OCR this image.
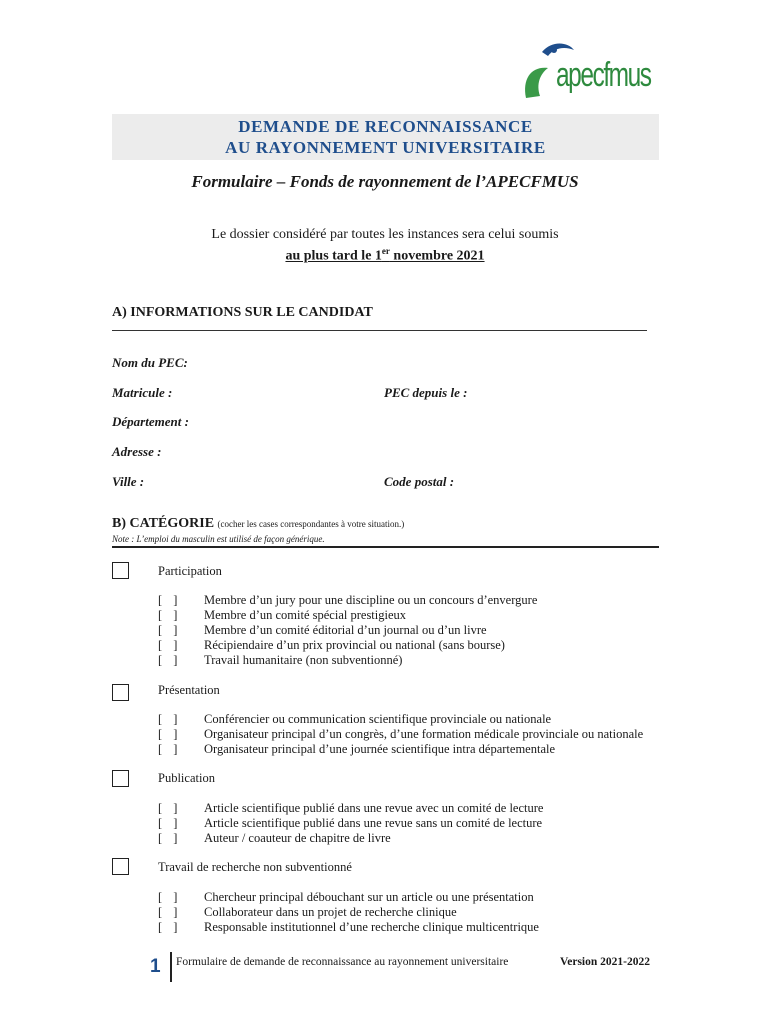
apecfmus
DEMANDE DE RECONNAISSANCE
AU RAYONNEMENT UNIVERSITAIRE
Formulaire – Fonds de rayonnement de l’APECFMUS
Le dossier considéré par toutes les instances sera celui soumis
au plus tard le 1er novembre 2021
A) INFORMATIONS SUR LE CANDIDAT
Nom du PEC:
Matricule :	PEC depuis le :
Département :
Adresse :
Ville :	Code postal :
B) CATÉGORIE (cocher les cases correspondantes à votre situation.)
Note : L’emploi du masculin est utilisé de façon générique.
Participation
[ ] Membre d’un jury pour une discipline ou un concours d’envergure
[ ] Membre d’un comité spécial prestigieux
[ ] Membre d’un comité éditorial d’un journal ou d’un livre
[ ] Récipiendaire d’un prix provincial ou national (sans bourse)
[ ] Travail humanitaire (non subventionné)
Présentation
[ ] Conférencier ou communication scientifique provinciale ou nationale
[ ] Organisateur principal d’un congrès, d’une formation médicale provinciale ou nationale
[ ] Organisateur principal d’une journée scientifique intra départementale
Publication
[ ] Article scientifique publié dans une revue avec un comité de lecture
[ ] Article scientifique publié dans une revue sans un comité de lecture
[ ] Auteur / coauteur de chapitre de livre
Travail de recherche non subventionné
[ ] Chercheur principal débouchant sur un article ou une présentation
[ ] Collaborateur dans un projet de recherche clinique
[ ] Responsable institutionnel d’une recherche clinique multicentrique
1 Formulaire de demande de reconnaissance au rayonnement universitaire	Version 2021-2022
